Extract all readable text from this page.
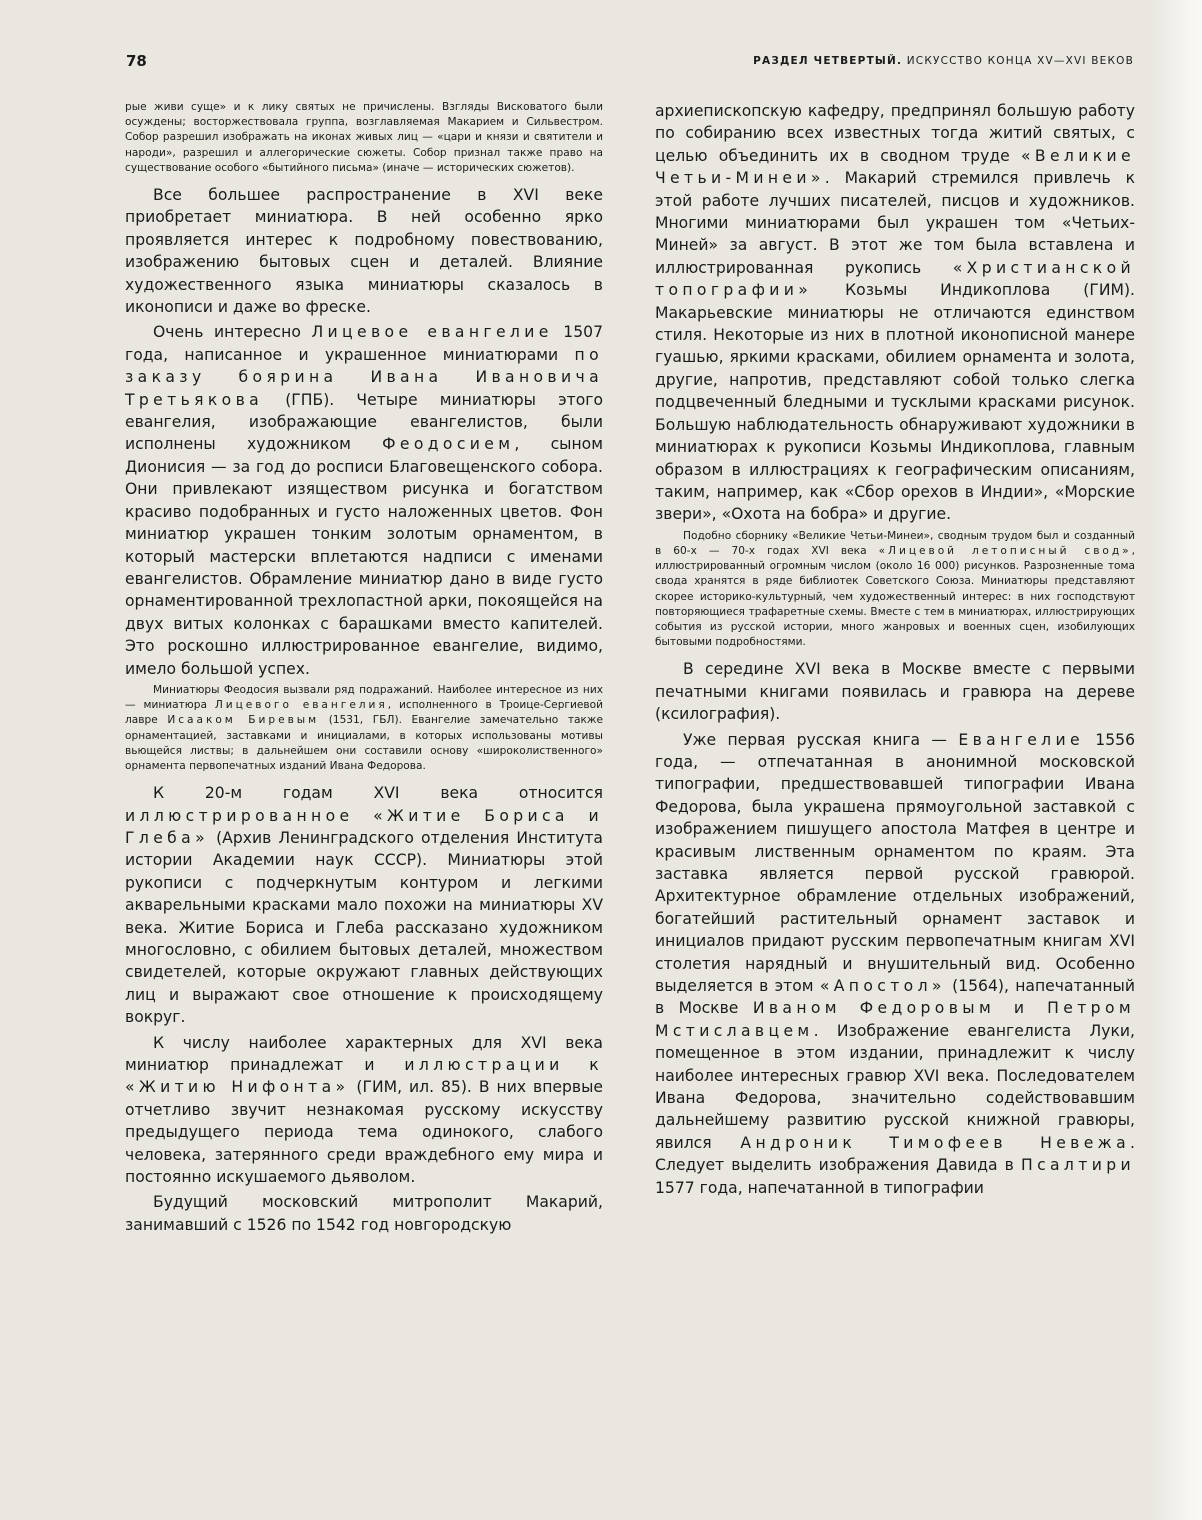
78	РАЗДЕЛ ЧЕТВЕРТЫЙ. ИСКУССТВО КОНЦА XV—XVI ВЕКОВ

рые живи суще» и к лику святых не причислены. Взгляды Висковатого были осуждены; восторжествовала группа, возглавляемая Макарием и Сильвестром. Собор разрешил изображать на иконах живых лиц — «цари и князи и святители и народи», разрешил и аллегорические сюжеты. Собор признал также право на существование особого «бытийного письма» (иначе — исторических сюжетов).

Все большее распространение в XVI веке приобретает миниатюра. В ней особенно ярко проявляется интерес к подробному повествованию, изображению бытовых сцен и деталей. Влияние художественного языка миниатюры сказалось в иконописи и даже во фреске.

Очень интересно Лицевое евангелие 1507 года, написанное и украшенное миниатюрами по заказу боярина Ивана Ивановича Третьякова (ГПБ). Четыре миниатюры этого евангелия, изображающие евангелистов, были исполнены художником Феодосием, сыном Дионисия — за год до росписи Благовещенского собора. Они привлекают изяществом рисунка и богатством красиво подобранных и густо наложенных цветов. Фон миниатюр украшен тонким золотым орнаментом, в который мастерски вплетаются надписи с именами евангелистов. Обрамление миниатюр дано в виде густо орнаментированной трехлопастной арки, покоящейся на двух витых колонках с барашками вместо капителей. Это роскошно иллюстрированное евангелие, видимо, имело большой успех.

Миниатюры Феодосия вызвали ряд подражаний. Наиболее интересное из них — миниатюра Лицевого евангелия, исполненного в Троице-Сергиевой лавре Исааком Биревым (1531, ГБЛ). Евангелие замечательно также орнаментацией, заставками и инициалами, в которых использованы мотивы вьющейся листвы; в дальнейшем они составили основу «широколиственного» орнамента первопечатных изданий Ивана Федорова.

К 20-м годам XVI века относится иллюстрированное «Житие Бориса и Глеба» (Архив Ленинградского отделения Института истории Академии наук СССР). Миниатюры этой рукописи с подчеркнутым контуром и легкими акварельными красками мало похожи на миниатюры XV века. Житие Бориса и Глеба рассказано художником многословно, с обилием бытовых деталей, множеством свидетелей, которые окружают главных действующих лиц и выражают свое отношение к происходящему вокруг.

К числу наиболее характерных для XVI века миниатюр принадлежат и иллюстрации к «Житию Нифонта» (ГИМ, ил. 85). В них впервые отчетливо звучит незнакомая русскому искусству предыдущего периода тема одинокого, слабого человека, затерянного среди враждебного ему мира и постоянно искушаемого дьяволом.

Будущий московский митрополит Макарий, занимавший с 1526 по 1542 год новгородскую

архиепископскую кафедру, предпринял большую работу по собиранию всех известных тогда житий святых, с целью объединить их в сводном труде «Великие Четьи-Минеи». Макарий стремился привлечь к этой работе лучших писателей, писцов и художников. Многими миниатюрами был украшен том «Четьих-Миней» за август. В этот же том была вставлена и иллюстрированная рукопись «Христианской топографии» Козьмы Индикоплова (ГИМ). Макарьевские миниатюры не отличаются единством стиля. Некоторые из них в плотной иконописной манере гуашью, яркими красками, обилием орнамента и золота, другие, напротив, представляют собой только слегка подцвеченный бледными и тусклыми красками рисунок. Большую наблюдательность обнаруживают художники в миниатюрах к рукописи Козьмы Индикоплова, главным образом в иллюстрациях к географическим описаниям, таким, например, как «Сбор орехов в Индии», «Морские звери», «Охота на бобра» и другие.

Подобно сборнику «Великие Четьи-Минеи», сводным трудом был и созданный в 60-х — 70-х годах XVI века «Лицевой летописный свод», иллюстрированный огромным числом (около 16 000) рисунков. Разрозненные тома свода хранятся в ряде библиотек Советского Союза. Миниатюры представляют скорее историко-культурный, чем художественный интерес: в них господствуют повторяющиеся трафаретные схемы. Вместе с тем в миниатюрах, иллюстрирующих события из русской истории, много жанровых и военных сцен, изобилующих бытовыми подробностями.

В середине XVI века в Москве вместе с первыми печатными книгами появилась и гравюра на дереве (ксилография).

Уже первая русская книга — Евангелие 1556 года, — отпечатанная в анонимной московской типографии, предшествовавшей типографии Ивана Федорова, была украшена прямоугольной заставкой с изображением пишущего апостола Матфея в центре и красивым лиственным орнаментом по краям. Эта заставка является первой русской гравюрой. Архитектурное обрамление отдельных изображений, богатейший растительный орнамент заставок и инициалов придают русским первопечатным книгам XVI столетия нарядный и внушительный вид. Особенно выделяется в этом «Апостол» (1564), напечатанный в Москве Иваном Федоровым и Петром Мстиславцем. Изображение евангелиста Луки, помещенное в этом издании, принадлежит к числу наиболее интересных гравюр XVI века. Последователем Ивана Федорова, значительно содействовавшим дальнейшему развитию русской книжной гравюры, явился Андроник Тимофеев Невежа. Следует выделить изображения Давида в Псалтири 1577 года, напечатанной в типографии
